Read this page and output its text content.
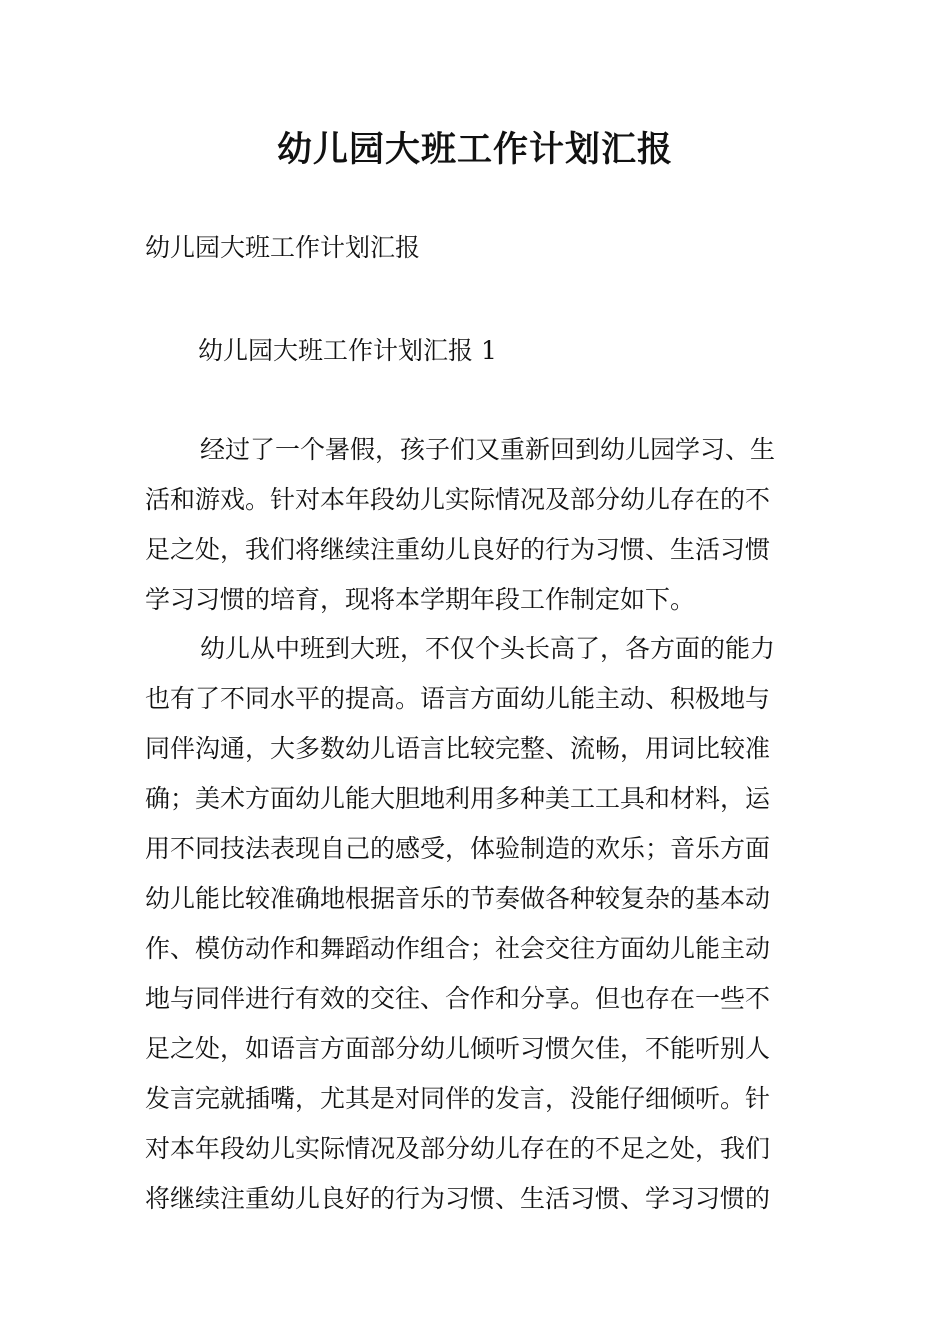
幼儿园大班工作计划汇报
幼儿园大班工作计划汇报
幼儿园大班工作计划汇报 1
经过了一个暑假，孩子们又重新回到幼儿园学习、生
活和游戏。针对本年段幼儿实际情况及部分幼儿存在的不
足之处，我们将继续注重幼儿良好的行为习惯、生活习惯
学习习惯的培育，现将本学期年段工作制定如下。
幼儿从中班到大班，不仅个头长高了，各方面的能力
也有了不同水平的提高。语言方面幼儿能主动、积极地与
同伴沟通，大多数幼儿语言比较完整、流畅，用词比较准
确；美术方面幼儿能大胆地利用多种美工工具和材料，运
用不同技法表现自己的感受，体验制造的欢乐；音乐方面
幼儿能比较准确地根据音乐的节奏做各种较复杂的基本动
作、模仿动作和舞蹈动作组合；社会交往方面幼儿能主动
地与同伴进行有效的交往、合作和分享。但也存在一些不
足之处，如语言方面部分幼儿倾听习惯欠佳，不能听别人
发言完就插嘴，尤其是对同伴的发言，没能仔细倾听。针
对本年段幼儿实际情况及部分幼儿存在的不足之处，我们
将继续注重幼儿良好的行为习惯、生活习惯、学习习惯的
